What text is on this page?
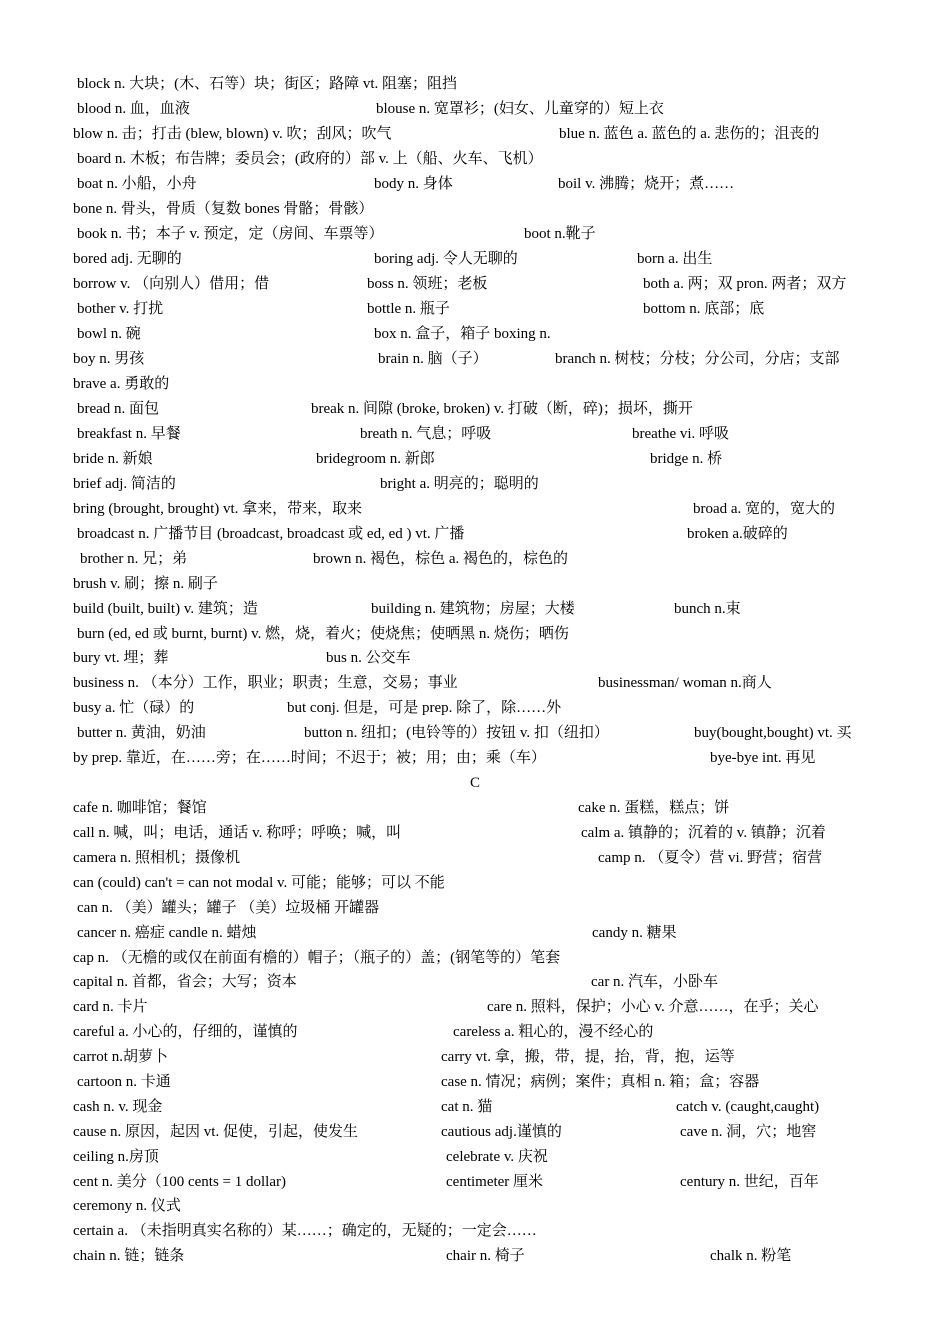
block n. 大块；(木、石等）块；街区；路障 vt. 阻塞；阻挡
blood n. 血，血液	blouse n. 宽罩衫；(妇女、儿童穿的）短上衣
blow n. 击；打击 (blew, blown) v. 吹；刮风；吹气	blue n. 蓝色 a. 蓝色的 a. 悲伤的；沮丧的
board n. 木板；布告牌；委员会；(政府的）部 v. 上（船、火车、飞机）
boat n. 小船，小舟	body n. 身体	boil v. 沸腾；烧开；煮……
bone n. 骨头，骨质（复数 bones 骨骼；骨骸）
book n. 书；本子 v. 预定，定（房间、车票等）	boot n.靴子
bored adj. 无聊的	boring adj. 令人无聊的	born a. 出生
borrow v. （向别人）借用；借	boss n. 领班；老板	both a. 两；双 pron. 两者；双方
bother v. 打扰	bottle n. 瓶子	bottom n. 底部；底
bowl n. 碗	box n. 盒子，箱子 boxing n.
boy n. 男孩	brain n. 脑（子）	branch n. 树枝；分枝；分公司，分店；支部
brave a. 勇敢的
bread n. 面包	break n. 间隙 (broke, broken) v. 打破（断，碎)；损坏，撕开
breakfast n. 早餐	breath n. 气息；呼吸	breathe vi. 呼吸
bride n. 新娘	bridegroom n. 新郎	bridge n. 桥
brief adj. 简洁的	bright a. 明亮的；聪明的
bring (brought, brought) vt. 拿来，带来，取来	broad a. 宽的，宽大的
broadcast n. 广播节目 (broadcast, broadcast 或 ed, ed ) vt. 广播	broken a.破碎的
brother n. 兄；弟	brown n. 褐色，棕色 a. 褐色的，棕色的
brush v. 刷；擦 n. 刷子
build (built, built) v. 建筑；造	building n. 建筑物；房屋；大楼	bunch n.束
burn (ed, ed 或 burnt, burnt) v. 燃，烧，着火；使烧焦；使晒黑 n. 烧伤；晒伤
bury vt. 埋；葬	bus n. 公交车
business n. （本分）工作，职业；职责；生意，交易；事业	businessman/ woman n.商人
busy a. 忙（碌）的	but conj. 但是，可是 prep. 除了，除……外
butter n. 黄油，奶油	button n. 纽扣；(电铃等的）按钮 v. 扣（纽扣）	buy(bought,bought) vt. 买
by prep. 靠近，在……旁；在……时间；不迟于；被；用；由；乘（车）	bye-bye int. 再见
cafe n. 咖啡馆；餐馆	cake n. 蛋糕，糕点；饼
call n. 喊，叫；电话，通话 v. 称呼；呼唤；喊，叫	calm a. 镇静的；沉着的 v. 镇静；沉着
camera n. 照相机；摄像机	camp n. （夏令）营 vi. 野营；宿营
can (could) can't = can not modal v. 可能；能够；可以 不能
can n. （美）罐头；罐子 （美）垃圾桶 开罐器
cancer n. 癌症 candle n. 蜡烛	candy n. 糖果
cap n. （无檐的或仅在前面有檐的）帽子；（瓶子的）盖；(钢笔等的）笔套
capital n. 首都，省会；大写；资本	car n. 汽车，小卧车
card n. 卡片	care n. 照料，保护；小心 v. 介意……，在乎；关心
careful a. 小心的，仔细的，谨慎的	careless a. 粗心的，漫不经心的
carrot n.胡萝卜	carry vt. 拿，搬，带，提，抬，背，抱，运等
cartoon n. 卡通	case n. 情况；病例；案件；真相 n. 箱；盒；容器
cash n. v. 现金	cat n. 猫	catch v. (caught,caught)
cause n. 原因，起因 vt. 促使，引起，使发生	cautious adj.谨慎的	cave n. 洞，穴；地窖
ceiling n.房顶	celebrate v. 庆祝
cent n. 美分（100 cents = 1 dollar)	centimeter 厘米	century n. 世纪，百年
ceremony n. 仪式
certain a. （未指明真实名称的）某……；确定的，无疑的；一定会……
chain n. 链；链条	chair n. 椅子	chalk n. 粉笔
C
